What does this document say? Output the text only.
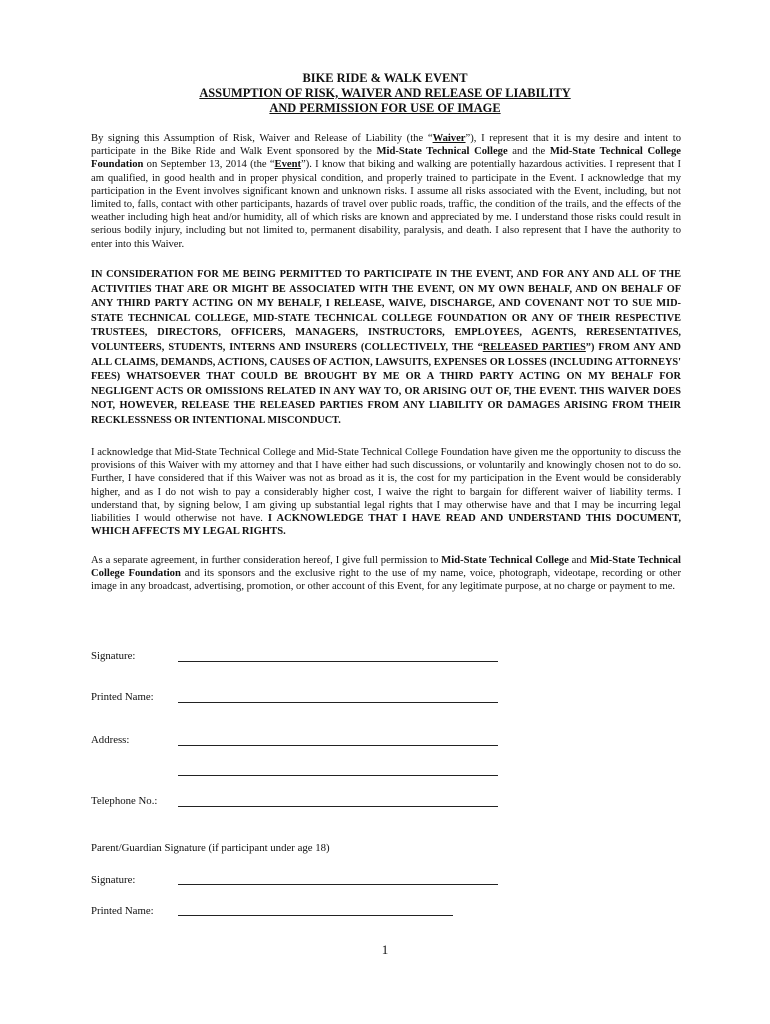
BIKE RIDE & WALK EVENT
ASSUMPTION OF RISK, WAIVER AND RELEASE OF LIABILITY
AND PERMISSION FOR USE OF IMAGE
By signing this Assumption of Risk, Waiver and Release of Liability (the “Waiver”), I represent that it is my desire and intent to participate in the Bike Ride and Walk Event sponsored by the Mid-State Technical College and the Mid-State Technical College Foundation on September 13, 2014 (the “Event”). I know that biking and walking are potentially hazardous activities. I represent that I am qualified, in good health and in proper physical condition, and properly trained to participate in the Event. I acknowledge that my participation in the Event involves significant known and unknown risks. I assume all risks associated with the Event, including, but not limited to, falls, contact with other participants, hazards of travel over public roads, traffic, the condition of the trails, and the effects of the weather including high heat and/or humidity, all of which risks are known and appreciated by me. I understand those risks could result in serious bodily injury, including but not limited to, permanent disability, paralysis, and death. I also represent that I have the authority to enter into this Waiver.
IN CONSIDERATION FOR ME BEING PERMITTED TO PARTICIPATE IN THE EVENT, AND FOR ANY AND ALL OF THE ACTIVITIES THAT ARE OR MIGHT BE ASSOCIATED WITH THE EVENT, ON MY OWN BEHALF, AND ON BEHALF OF ANY THIRD PARTY ACTING ON MY BEHALF, I RELEASE, WAIVE, DISCHARGE, AND COVENANT NOT TO SUE MID-STATE TECHNICAL COLLEGE, MID-STATE TECHNICAL COLLEGE FOUNDATION OR ANY OF THEIR RESPECTIVE TRUSTEES, DIRECTORS, OFFICERS, MANAGERS, INSTRUCTORS, EMPLOYEES, AGENTS, RERESENTATIVES, VOLUNTEERS, STUDENTS, INTERNS AND INSURERS (COLLECTIVELY, THE “RELEASED PARTIES”) FROM ANY AND ALL CLAIMS, DEMANDS, ACTIONS, CAUSES OF ACTION, LAWSUITS, EXPENSES OR LOSSES (INCLUDING ATTORNEYS' FEES) WHATSOEVER THAT COULD BE BROUGHT BY ME OR A THIRD PARTY ACTING ON MY BEHALF FOR NEGLIGENT ACTS OR OMISSIONS RELATED IN ANY WAY TO, OR ARISING OUT OF, THE EVENT. THIS WAIVER DOES NOT, HOWEVER, RELEASE THE RELEASED PARTIES FROM ANY LIABILITY OR DAMAGES ARISING FROM THEIR RECKLESSNESS OR INTENTIONAL MISCONDUCT.
I acknowledge that Mid-State Technical College and Mid-State Technical College Foundation have given me the opportunity to discuss the provisions of this Waiver with my attorney and that I have either had such discussions, or voluntarily and knowingly chosen not to do so. Further, I have considered that if this Waiver was not as broad as it is, the cost for my participation in the Event would be considerably higher, and as I do not wish to pay a considerably higher cost, I waive the right to bargain for different waiver of liability terms. I understand that, by signing below, I am giving up substantial legal rights that I may otherwise have and that I may be incurring legal liabilities I would otherwise not have. I ACKNOWLEDGE THAT I HAVE READ AND UNDERSTAND THIS DOCUMENT, WHICH AFFECTS MY LEGAL RIGHTS.
As a separate agreement, in further consideration hereof, I give full permission to Mid-State Technical College and Mid-State Technical College Foundation and its sponsors and the exclusive right to the use of my name, voice, photograph, videotape, recording or other image in any broadcast, advertising, promotion, or other account of this Event, for any legitimate purpose, at no charge or payment to me.
Signature:
Printed Name:
Address:
Telephone No.:
Parent/Guardian Signature (if participant under age 18)
Signature:
Printed Name:
1
